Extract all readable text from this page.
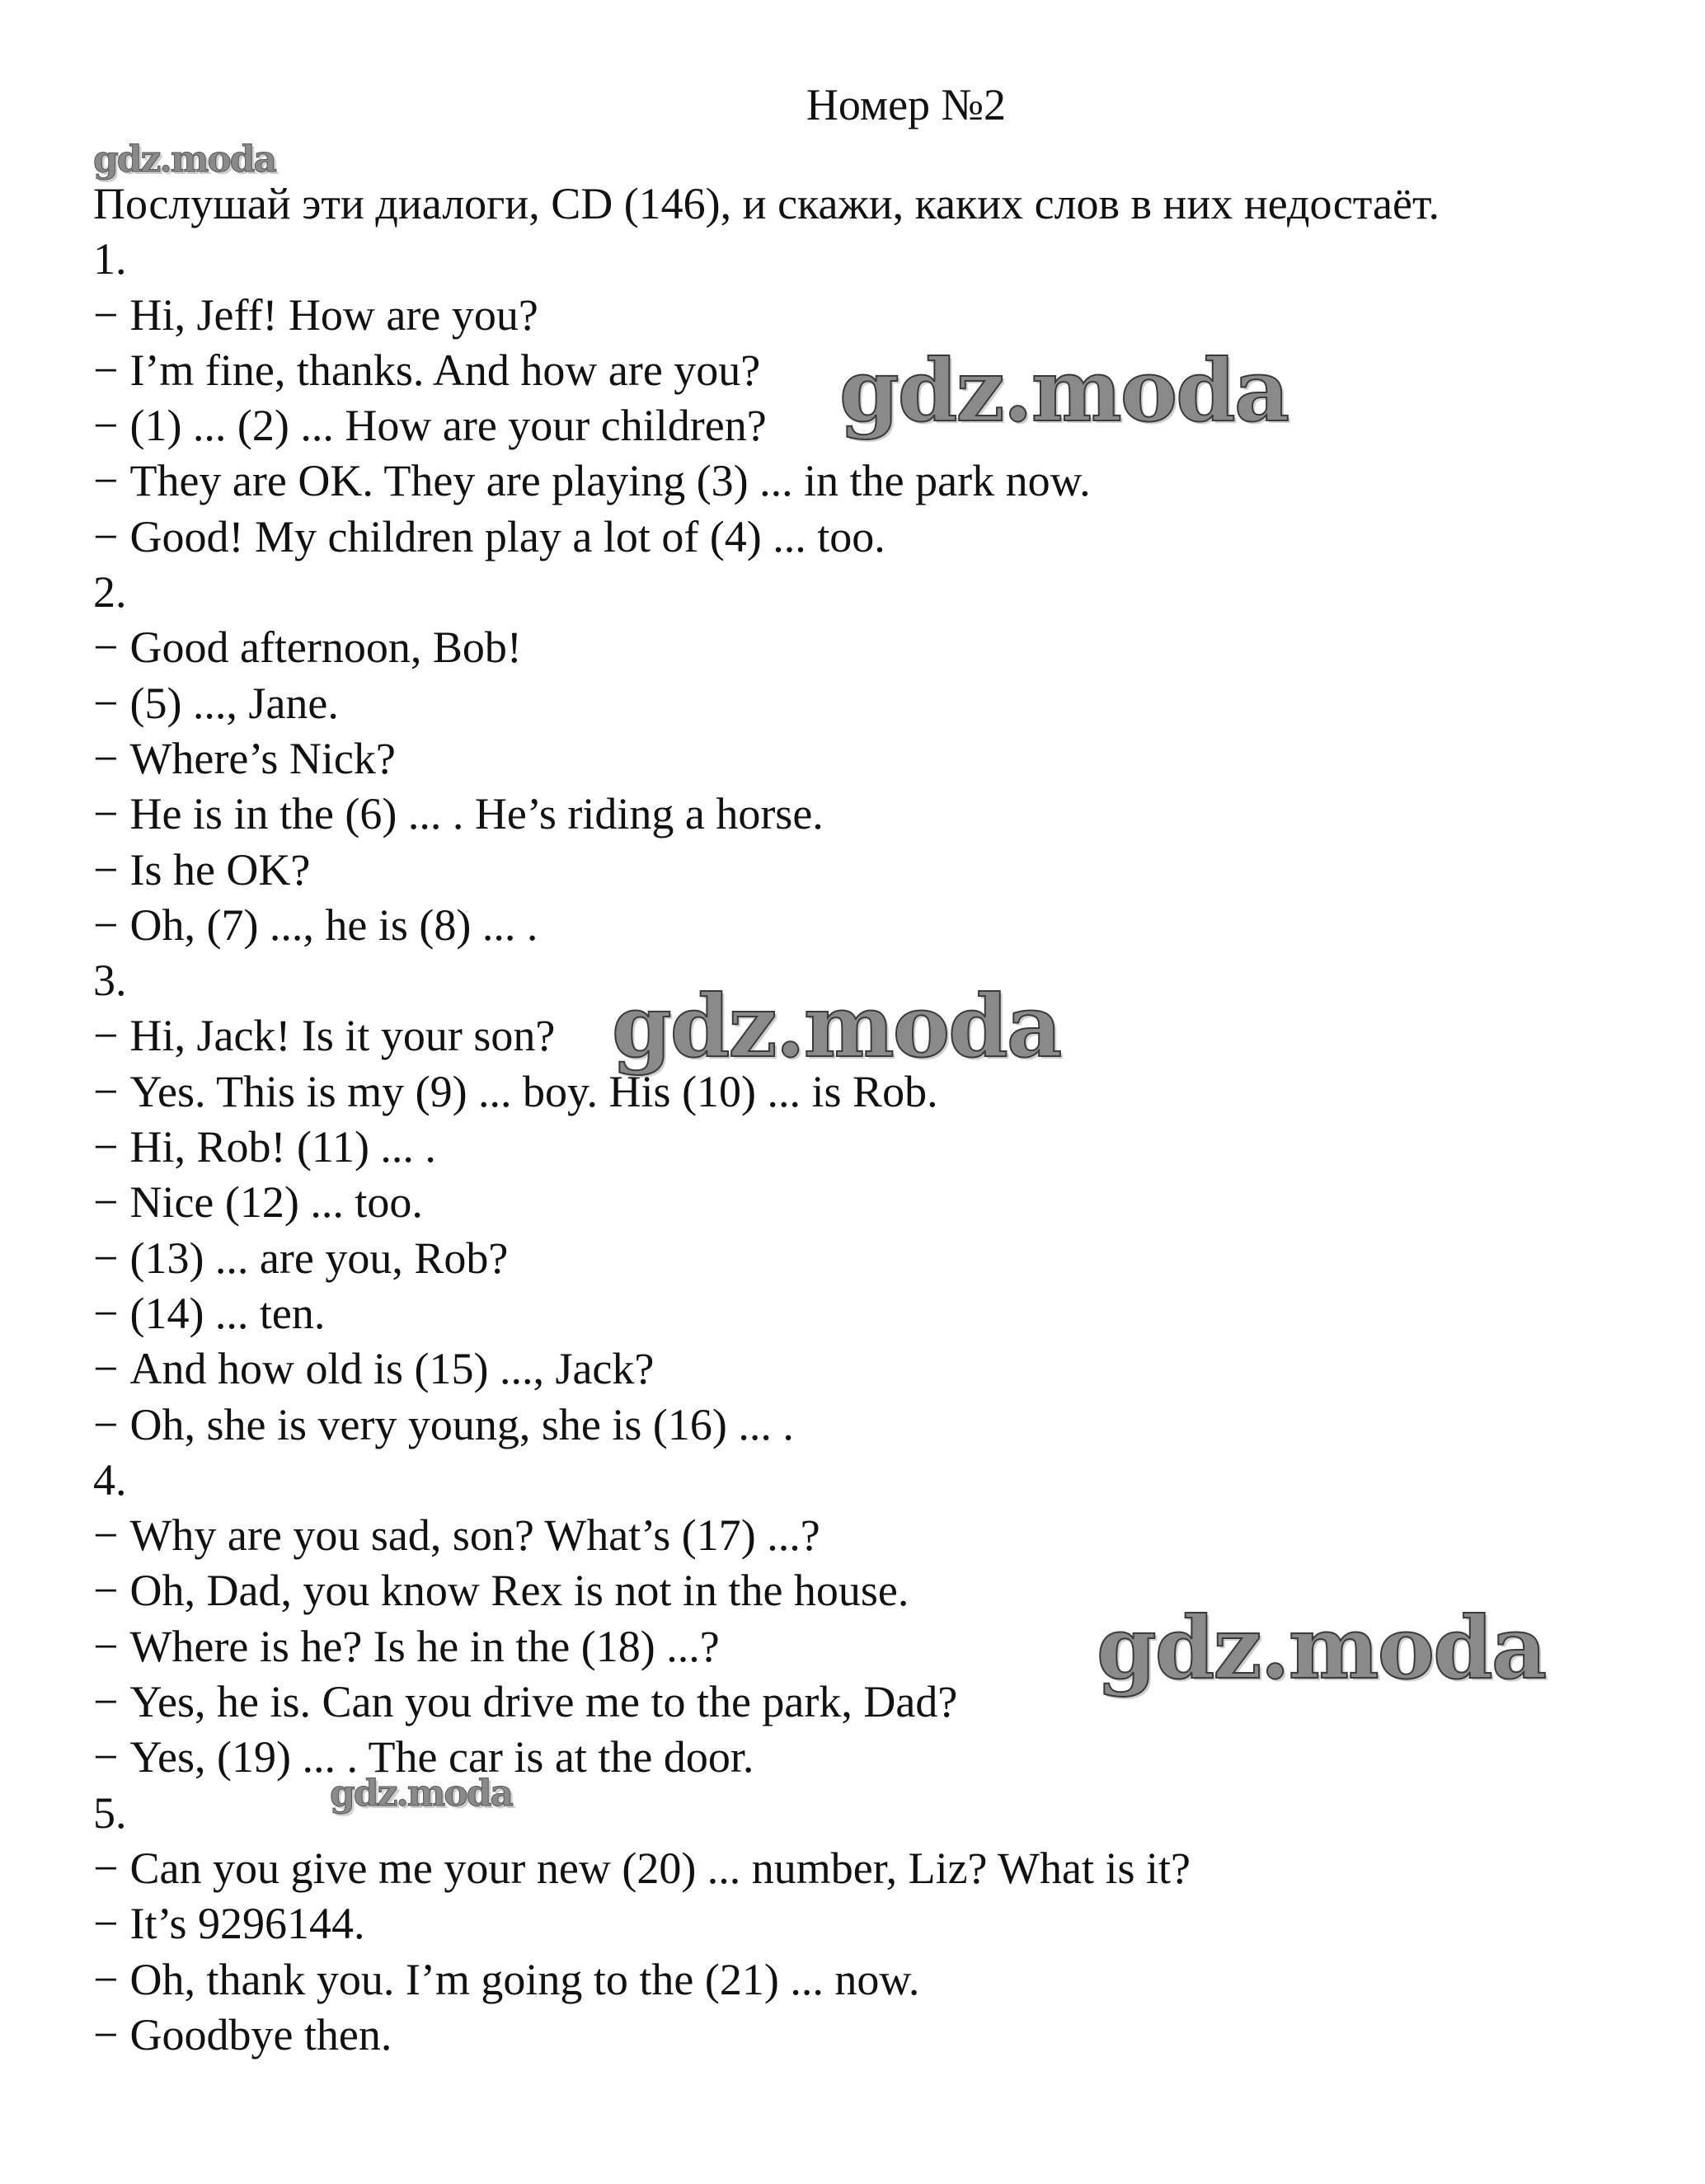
Номер №2
gdz.moda
Послушай эти диалоги, CD (146), и скажи, каких слов в них недостаёт.
1.
− Hi, Jeff! How are you?
− I’m fine, thanks. And how are you?
− (1) ... (2) ... How are your children?
− They are OK. They are playing (3) ... in the park now.
− Good! My children play a lot of (4) ... too.
2.
− Good afternoon, Bob!
− (5) ..., Jane.
− Where’s Nick?
− He is in the (6) ... . He’s riding a horse.
− Is he OK?
− Oh, (7) ..., he is (8) ... .
3.
− Hi, Jack! Is it your son?
− Yes. This is my (9) ... boy. His (10) ... is Rob.
− Hi, Rob! (11) ... .
− Nice (12) ... too.
− (13) ... are you, Rob?
− (14) ... ten.
− And how old is (15) ..., Jack?
− Oh, she is very young, she is (16) ... .
4.
− Why are you sad, son? What’s (17) ...?
− Oh, Dad, you know Rex is not in the house.
− Where is he? Is he in the (18) ...?
− Yes, he is. Can you drive me to the park, Dad?
− Yes, (19) ... . The car is at the door.
5.
− Can you give me your new (20) ... number, Liz? What is it?
− It’s 9296144.
− Oh, thank you. I’m going to the (21) ... now.
− Goodbye then.
gdz.moda
gdz.moda
gdz.moda
gdz.moda
